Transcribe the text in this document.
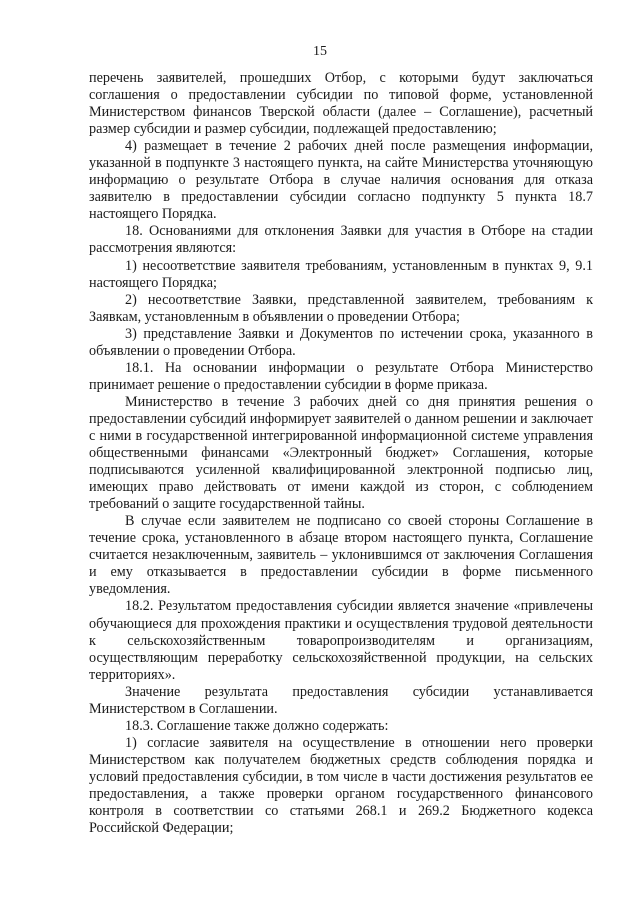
15

перечень заявителей, прошедших Отбор, с которыми будут заключаться соглашения о предоставлении субсидии по типовой форме, установленной Министерством финансов Тверской области (далее – Соглашение), расчетный размер субсидии и размер субсидии, подлежащей предоставлению;

4) размещает в течение 2 рабочих дней после размещения информации, указанной в подпункте 3 настоящего пункта, на сайте Министерства уточняющую информацию о результате Отбора в случае наличия основания для отказа заявителю в предоставлении субсидии согласно подпункту 5 пункта 18.7 настоящего Порядка.

18. Основаниями для отклонения Заявки для участия в Отборе на стадии рассмотрения являются:

1) несоответствие заявителя требованиям, установленным в пунктах 9, 9.1 настоящего Порядка;

2) несоответствие Заявки, представленной заявителем, требованиям к Заявкам, установленным в объявлении о проведении Отбора;

3) представление Заявки и Документов по истечении срока, указанного в объявлении о проведении Отбора.

18.1. На основании информации о результате Отбора Министерство принимает решение о предоставлении субсидии в форме приказа.

Министерство в течение 3 рабочих дней со дня принятия решения о предоставлении субсидий информирует заявителей о данном решении и заключает с ними в государственной интегрированной информационной системе управления общественными финансами «Электронный бюджет» Соглашения, которые подписываются усиленной квалифицированной электронной подписью лиц, имеющих право действовать от имени каждой из сторон, с соблюдением требований о защите государственной тайны.

В случае если заявителем не подписано со своей стороны Соглашение в течение срока, установленного в абзаце втором настоящего пункта, Соглашение считается незаключенным, заявитель – уклонившимся от заключения Соглашения и ему отказывается в предоставлении субсидии в форме письменного уведомления.

18.2. Результатом предоставления субсидии является значение «привлечены обучающиеся для прохождения практики и осуществления трудовой деятельности к сельскохозяйственным товаропроизводителям и организациям, осуществляющим переработку сельскохозяйственной продукции, на сельских территориях».

Значение результата предоставления субсидии устанавливается Министерством в Соглашении.

18.3. Соглашение также должно содержать:

1) согласие заявителя на осуществление в отношении него проверки Министерством как получателем бюджетных средств соблюдения порядка и условий предоставления субсидии, в том числе в части достижения результатов ее предоставления, а также проверки органом государственного финансового контроля в соответствии со статьями 268.1 и 269.2 Бюджетного кодекса Российской Федерации;
